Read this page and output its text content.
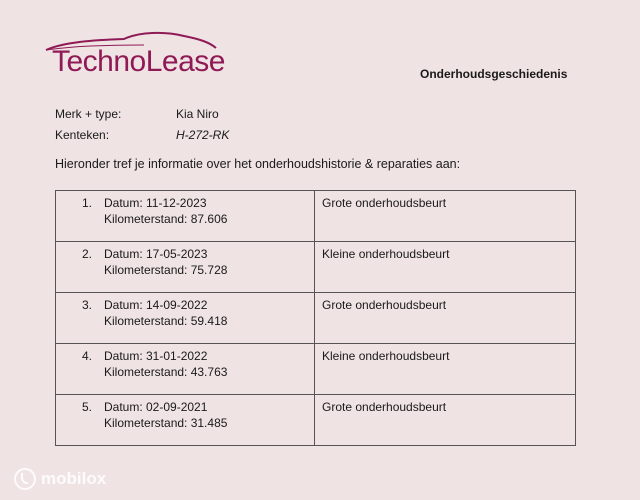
TechnoLease	Onderhoudsgeschiedenis
Merk + type:	Kia Niro
Kenteken:	H-272-RK
Hieronder tref je informatie over het onderhoudshistorie & reparaties aan:
1. Datum: 11-12-2023
Kilometerstand: 87.606	Grote onderhoudsbeurt

2. Datum: 17-05-2023
Kilometerstand: 75.728	Kleine onderhoudsbeurt

3. Datum: 14-09-2022
Kilometerstand: 59.418	Grote onderhoudsbeurt

4. Datum: 31-01-2022
Kilometerstand: 43.763	Kleine onderhoudsbeurt

5. Datum: 02-09-2021
Kilometerstand: 31.485	Grote onderhoudsbeurt
mobilox
